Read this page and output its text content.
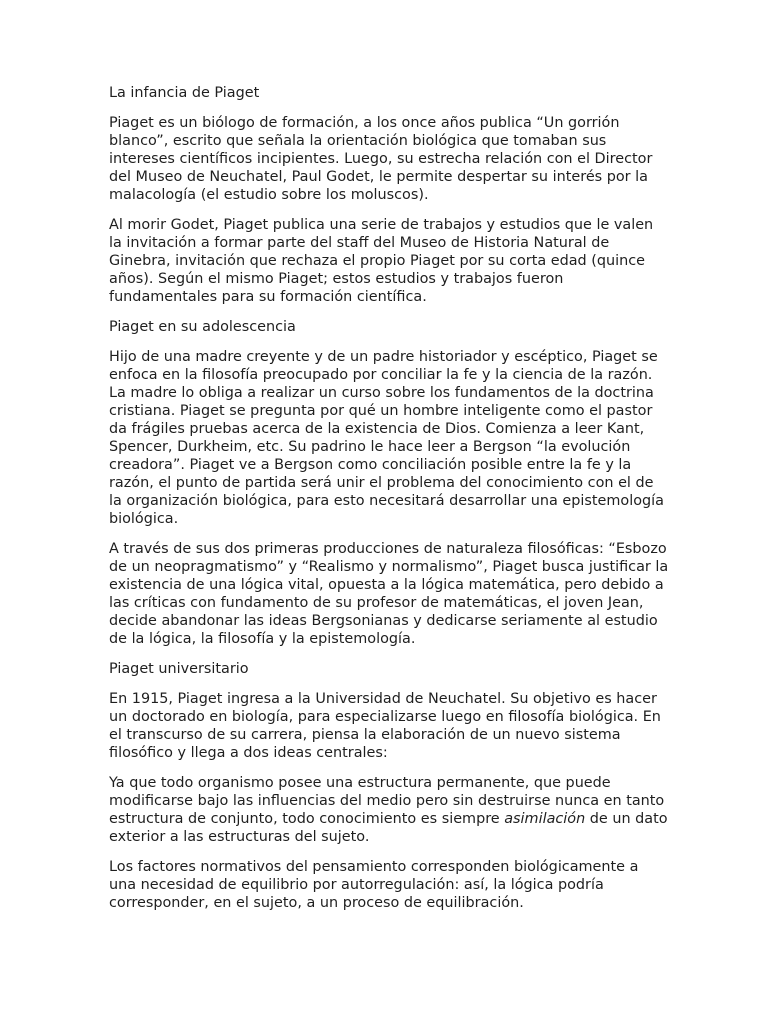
La infancia de Piaget

Piaget es un biólogo de formación, a los once años publica “Un gorrión blanco”, escrito que señala la orientación biológica que tomaban sus intereses científicos incipientes. Luego, su estrecha relación con el Director del Museo de Neuchatel, Paul Godet, le permite despertar su interés por la malacología (el estudio sobre los moluscos).

Al morir Godet, Piaget publica una serie de trabajos y estudios que le valen la invitación a formar parte del staff del Museo de Historia Natural de Ginebra, invitación que rechaza el propio Piaget por su corta edad (quince años). Según el mismo Piaget; estos estudios y trabajos fueron fundamentales para su formación científica.

Piaget en su adolescencia

Hijo de una madre creyente y de un padre historiador y escéptico, Piaget se enfoca en la filosofía preocupado por conciliar la fe y la ciencia de la razón. La madre lo obliga a realizar un curso sobre los fundamentos de la doctrina cristiana. Piaget se pregunta por qué un hombre inteligente como el pastor da frágiles pruebas acerca de la existencia de Dios. Comienza a leer Kant, Spencer, Durkheim, etc. Su padrino le hace leer a Bergson “la evolución creadora”. Piaget ve a Bergson como conciliación posible entre la fe y la razón, el punto de partida será unir el problema del conocimiento con el de la organización biológica, para esto necesitará desarrollar una epistemología biológica.

A través de sus dos primeras producciones de naturaleza filosóficas: “Esbozo de un neopragmatismo” y “Realismo y normalismo”, Piaget busca justificar la existencia de una lógica vital, opuesta a la lógica matemática, pero debido a las críticas con fundamento de su profesor de matemáticas, el joven Jean, decide abandonar las ideas Bergsonianas y dedicarse seriamente al estudio de la lógica, la filosofía y la epistemología.

Piaget universitario

En 1915, Piaget ingresa a la Universidad de Neuchatel. Su objetivo es hacer un doctorado en biología, para especializarse luego en filosofía biológica. En el transcurso de su carrera, piensa la elaboración de un nuevo sistema filosófico y llega a dos ideas centrales:

Ya que todo organismo posee una estructura permanente, que puede modificarse bajo las influencias del medio pero sin destruirse nunca en tanto estructura de conjunto, todo conocimiento es siempre asimilación de un dato exterior a las estructuras del sujeto.

Los factores normativos del pensamiento corresponden biológicamente a una necesidad de equilibrio por autorregulación: así, la lógica podría corresponder, en el sujeto, a un proceso de equilibración.
